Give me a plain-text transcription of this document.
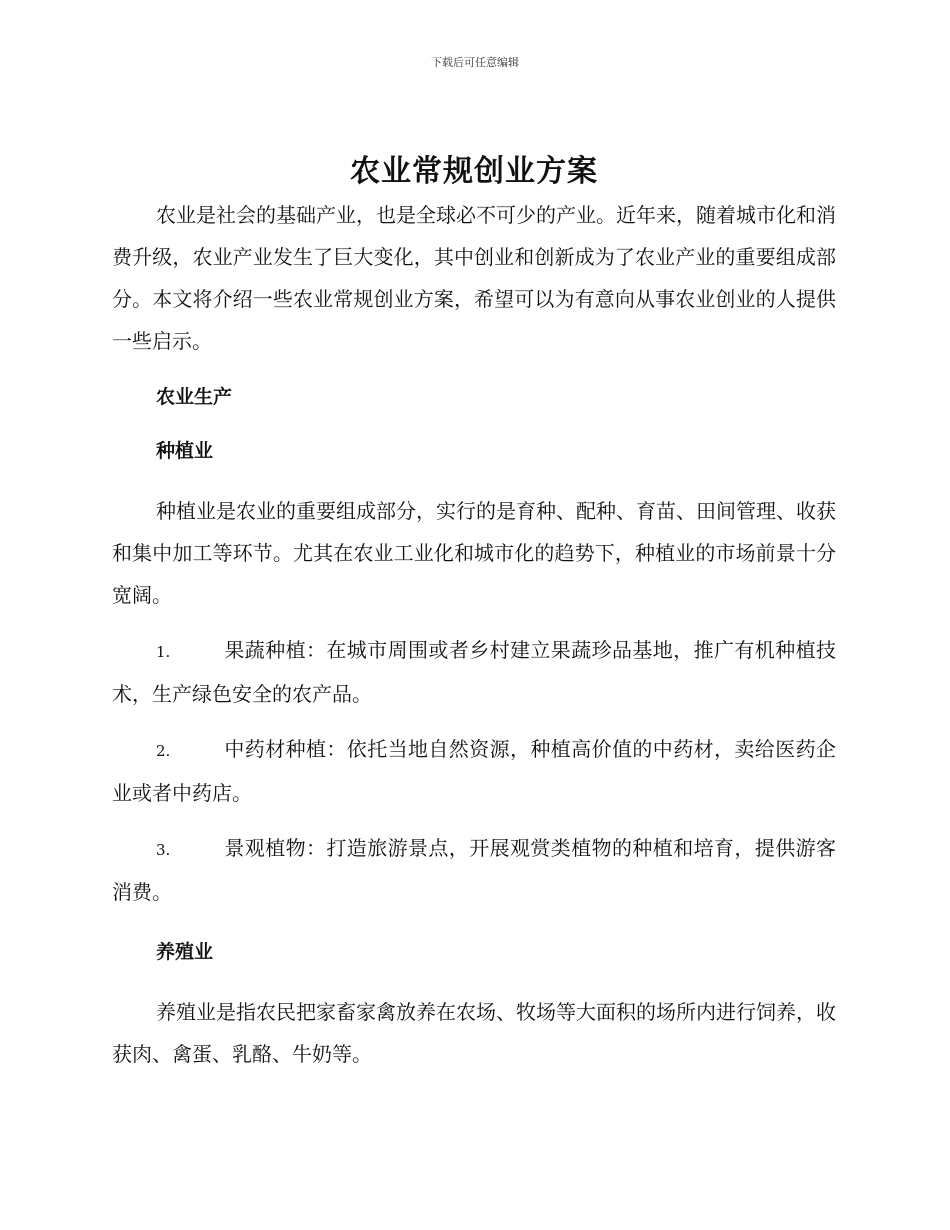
下载后可任意编辑
农业常规创业方案

农业是社会的基础产业，也是全球必不可少的产业。近年来，随着城市化和消费升级，农业产业发生了巨大变化，其中创业和创新成为了农业产业的重要组成部分。本文将介绍一些农业常规创业方案，希望可以为有意向从事农业创业的人提供一些启示。

农业生产
种植业

种植业是农业的重要组成部分，实行的是育种、配种、育苗、田间管理、收获和集中加工等环节。尤其在农业工业化和城市化的趋势下，种植业的市场前景十分宽阔。

1.	果蔬种植：在城市周围或者乡村建立果蔬珍品基地，推广有机种植技术，生产绿色安全的农产品。

2.	中药材种植：依托当地自然资源，种植高价值的中药材，卖给医药企业或者中药店。

3.	景观植物：打造旅游景点，开展观赏类植物的种植和培育，提供游客消费。

养殖业

养殖业是指农民把家畜家禽放养在农场、牧场等大面积的场所内进行饲养，收获肉、禽蛋、乳酪、牛奶等。
